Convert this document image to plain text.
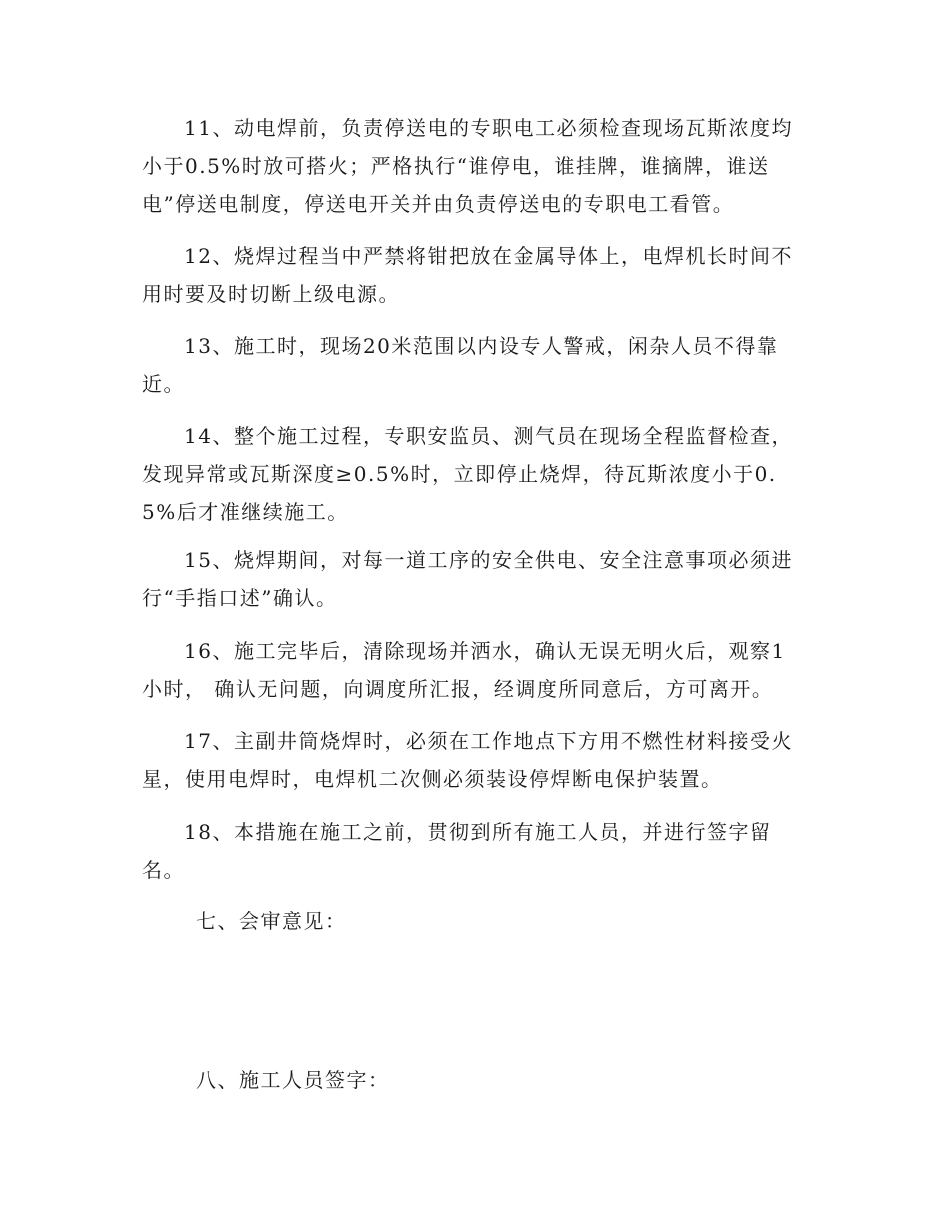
11、动电焊前，负责停送电的专职电工必须检查现场瓦斯浓度均小于0.5%时放可搭火；严格执行“谁停电，谁挂牌，谁摘牌，谁送电”停送电制度，停送电开关并由负责停送电的专职电工看管。

12、烧焊过程当中严禁将钳把放在金属导体上，电焊机长时间不用时要及时切断上级电源。

13、施工时，现场20米范围以内设专人警戒，闲杂人员不得靠近。

14、整个施工过程，专职安监员、测气员在现场全程监督检查，发现异常或瓦斯深度≥0.5%时，立即停止烧焊，待瓦斯浓度小于0.5%后才准继续施工。

15、烧焊期间，对每一道工序的安全供电、安全注意事项必须进行“手指口述”确认。

16、施工完毕后，清除现场并洒水，确认无误无明火后，观察1小时， 确认无问题，向调度所汇报，经调度所同意后，方可离开。

17、主副井筒烧焊时，必须在工作地点下方用不燃性材料接受火星，使用电焊时，电焊机二次侧必须装设停焊断电保护装置。

18、本措施在施工之前，贯彻到所有施工人员，并进行签字留名。

七、会审意见：

八、施工人员签字：
